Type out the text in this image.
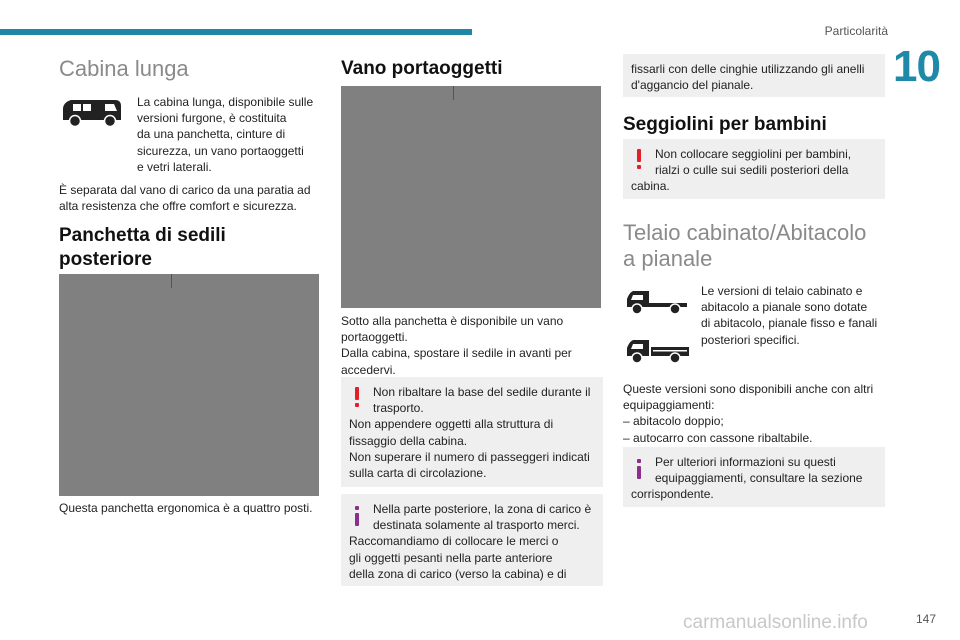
Particolarità
10
Cabina lunga
La cabina lunga, disponibile sulle
versioni furgone, è costituita
da una panchetta, cinture di
sicurezza, un vano portaoggetti
e vetri laterali.
È separata dal vano di carico da una paratia ad
alta resistenza che offre comfort e sicurezza.
Panchetta di sedili
posteriore
Questa panchetta ergonomica è a quattro posti.
Vano portaoggetti
Sotto alla panchetta è disponibile un vano
portaoggetti.
Dalla cabina, spostare il sedile in avanti per
accedervi.
Non ribaltare la base del sedile durante il
trasporto.
Non appendere oggetti alla struttura di
fissaggio della cabina.
Non superare il numero di passeggeri indicati
sulla carta di circolazione.
Nella parte posteriore, la zona di carico è
destinata solamente al trasporto merci.
Raccomandiamo di collocare le merci o
gli oggetti pesanti nella parte anteriore
della zona di carico (verso la cabina) e di
fissarli con delle cinghie utilizzando gli anelli
d'aggancio del pianale.
Seggiolini per bambini
Non collocare seggiolini per bambini,
rialzi o culle sui sedili posteriori della
cabina.
Telaio cabinato/Abitacolo
a pianale
Le versioni di telaio cabinato e
abitacolo a pianale sono dotate
di abitacolo, pianale fisso e fanali
posteriori specifici.
Queste versioni sono disponibili anche con altri
equipaggiamenti:
– abitacolo doppio;
– autocarro con cassone ribaltabile.
Per ulteriori informazioni su questi
equipaggiamenti, consultare la sezione
corrispondente.
carmanualsonline.info	147
